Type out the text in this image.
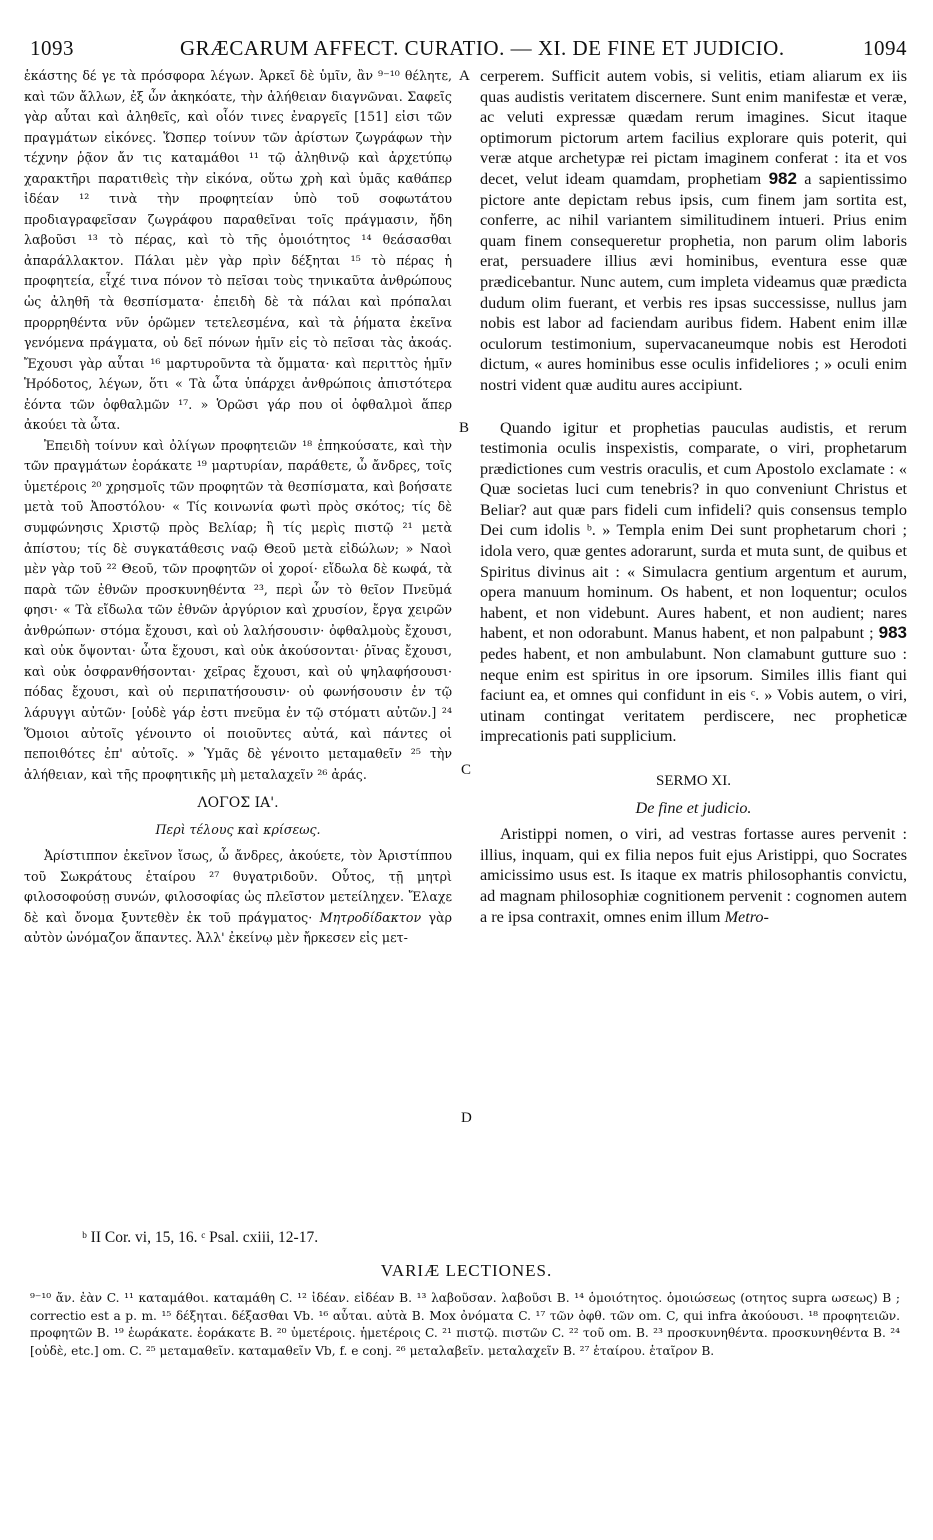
1093	GRÆCARUM AFFECT. CURATIO. — XI. DE FINE ET JUDICIO.	1094
A
B
C
D

ἑκάστης δέ γε τὰ πρόσφορα λέγων. Ἀρκεῖ δὲ ὑμῖν, ἂν ⁹⁻¹⁰ θέλητε, καὶ τῶν ἄλλων, ἐξ ὧν ἀκηκόατε, τὴν ἀλήθειαν διαγνῶναι. Σαφεῖς γὰρ αὗται καὶ ἀληθεῖς, καὶ οἷόν τινες ἐναργεῖς [151] εἰσι τῶν πραγμάτων εἰκόνες. Ὥσπερ τοίνυν τῶν ἀρίστων ζωγράφων τὴν τέχνην ῥᾷον ἄν τις καταμάθοι ¹¹ τῷ ἀληθινῷ καὶ ἀρχετύπῳ χαρακτῆρι παρατιθεὶς τὴν εἰκόνα, οὕτω χρὴ καὶ ὑμᾶς καθάπερ ἰδέαν ¹² τινὰ τὴν προφητείαν ὑπὸ τοῦ σοφωτάτου προδιαγραφεῖσαν ζωγράφου παραθεῖναι τοῖς πράγμασιν, ἤδη λαβοῦσι ¹³ τὸ πέρας, καὶ τὸ τῆς ὁμοιότητος ¹⁴ θεάσασθαι ἀπαράλλακτον. Πάλαι μὲν γὰρ πρὶν δέξηται ¹⁵ τὸ πέρας ἡ προφητεία, εἶχέ τινα πόνον τὸ πεῖσαι τοὺς τηνικαῦτα ἀνθρώπους ὡς ἀληθῆ τὰ θεσπίσματα· ἐπειδὴ δὲ τὰ πάλαι καὶ πρόπαλαι προρρηθέντα νῦν ὁρῶμεν τετελεσμένα, καὶ τὰ ῥήματα ἐκεῖνα γενόμενα πράγματα, οὐ δεῖ πόνων ἡμῖν εἰς τὸ πεῖσαι τὰς ἀκοάς. Ἔχουσι γὰρ αὗται ¹⁶ μαρτυροῦντα τὰ ὄμματα· καὶ περιττὸς ἡμῖν Ἡρόδοτος, λέγων, ὅτι « Τὰ ὦτα ὑπάρχει ἀνθρώποις ἀπιστότερα ἐόντα τῶν ὀφθαλμῶν ¹⁷. » Ὁρῶσι γάρ που οἱ ὀφθαλμοὶ ἅπερ ἀκούει τὰ ὦτα.

Ἐπειδὴ τοίνυν καὶ ὀλίγων προφητειῶν ¹⁸ ἐπηκούσατε, καὶ τὴν τῶν πραγμάτων ἑοράκατε ¹⁹ μαρτυρίαν, παράθετε, ὦ ἄνδρες, τοῖς ὑμετέροις ²⁰ χρησμοῖς τῶν προφητῶν τὰ θεσπίσματα, καὶ βοήσατε μετὰ τοῦ Ἀποστόλου· « Τίς κοινωνία φωτὶ πρὸς σκότος; τίς δὲ συμφώνησις Χριστῷ πρὸς Βελίαρ; ἢ τίς μερὶς πιστῷ ²¹ μετὰ ἀπίστου; τίς δὲ συγκατάθεσις ναῷ Θεοῦ μετὰ εἰδώλων; » Ναοὶ μὲν γὰρ τοῦ ²² Θεοῦ, τῶν προφητῶν οἱ χοροί· εἴδωλα δὲ κωφά, τὰ παρὰ τῶν ἐθνῶν προσκυνηθέντα ²³, περὶ ὧν τὸ θεῖον Πνεῦμά φησι· « Τὰ εἴδωλα τῶν ἐθνῶν ἀργύριον καὶ χρυσίον, ἔργα χειρῶν ἀνθρώπων· στόμα ἔχουσι, καὶ οὐ λαλήσουσιν· ὀφθαλμοὺς ἔχουσι, καὶ οὐκ ὄψονται· ὦτα ἔχουσι, καὶ οὐκ ἀκούσονται· ῥῖνας ἔχουσι, καὶ οὐκ ὀσφρανθήσονται· χεῖρας ἔχουσι, καὶ οὐ ψηλαφήσουσι· πόδας ἔχουσι, καὶ οὐ περιπατήσουσιν· οὐ φωνήσουσιν ἐν τῷ λάρυγγι αὐτῶν· [οὐδὲ γάρ ἐστι πνεῦμα ἐν τῷ στόματι αὐτῶν.] ²⁴ Ὅμοιοι αὐτοῖς γένοιντο οἱ ποιοῦντες αὐτά, καὶ πάντες οἱ πεποιθότες ἐπ' αὐτοῖς. » Ὑμᾶς δὲ γένοιτο μεταμαθεῖν ²⁵ τὴν ἀλήθειαν, καὶ τῆς προφητικῆς μὴ μεταλαχεῖν ²⁶ ἀράς.

ΛΟΓΟΣ ΙΑ'.
Περὶ τέλους καὶ κρίσεως.

Ἀρίστιππον ἐκεῖνον ἴσως, ὦ ἄνδρες, ἀκούετε, τὸν Ἀριστίππου τοῦ Σωκράτους ἑταίρου ²⁷ θυγατριδοῦν. Οὗτος, τῇ μητρὶ φιλοσοφούσῃ συνών, φιλοσοφίας ὡς πλεῖστον μετείληχεν. Ἔλαχε δὲ καὶ ὄνομα ξυντεθὲν ἐκ τοῦ πράγματος· Μητροδίδακτον γὰρ αὐτὸν ὠνόμαζον ἅπαντες. Ἀλλ' ἐκείνῳ μὲν ἤρκεσεν εἰς μετ-

cerperem. Sufficit autem vobis, si velitis, etiam aliarum ex iis quas audistis veritatem discernere. Sunt enim manifestæ et veræ, ac veluti expressæ quædam rerum imagines. Sicut itaque optimorum pictorum artem facilius explorare quis poterit, qui veræ atque archetypæ rei pictam imaginem conferat : ita et vos decet, velut ideam quamdam, prophetiam 982 a sapientissimo pictore ante depictam rebus ipsis, cum finem jam sortita est, conferre, ac nihil variantem similitudinem intueri. Prius enim quam finem consequeretur prophetia, non parum olim laboris erat, persuadere illius ævi hominibus, eventura esse quæ prædicebantur. Nunc autem, cum impleta videamus quæ prædicta dudum olim fuerant, et verbis res ipsas successisse, nullus jam nobis est labor ad faciendam auribus fidem. Habent enim illæ oculorum testimonium, supervacaneumque nobis est Herodoti dictum, « aures hominibus esse oculis infideliores ; » oculi enim nostri vident quæ auditu aures accipiunt.

Quando igitur et prophetias pauculas audistis, et rerum testimonia oculis inspexistis, comparate, o viri, prophetarum prædictiones cum vestris oraculis, et cum Apostolo exclamate : « Quæ societas luci cum tenebris? in quo conveniunt Christus et Beliar? aut quæ pars fideli cum infideli? quis consensus templo Dei cum idolis ᵇ. » Templa enim Dei sunt prophetarum chori ; idola vero, quæ gentes adorarunt, surda et muta sunt, de quibus et Spiritus divinus ait : « Simulacra gentium argentum et aurum, opera manuum hominum. Os habent, et non loquentur; oculos habent, et non videbunt. Aures habent, et non audient; nares habent, et non odorabunt. Manus habent, et non palpabunt ; 983 pedes habent, et non ambulabunt. Non clamabunt gutture suo : neque enim est spiritus in ore ipsorum. Similes illis fiant qui faciunt ea, et omnes qui confidunt in eis ᶜ. » Vobis autem, o viri, utinam contingat veritatem perdiscere, nec propheticæ imprecationis pati supplicium.

SERMO XI.
De fine et judicio.

Aristippi nomen, o viri, ad vestras fortasse aures pervenit : illius, inquam, qui ex filia nepos fuit ejus Aristippi, quo Socrates amicissimo usus est. Is itaque ex matris philosophantis convictu, ad magnam philosophiæ cognitionem pervenit : cognomen autem a re ipsa contraxit, omnes enim illum Metro-

ᵇ II Cor. vi, 15, 16. ᶜ Psal. cxiii, 12-17.
VARIÆ LECTIONES.
⁹⁻¹⁰ ἄν. ἐὰν C. ¹¹ καταμάθοι. καταμάθη C. ¹² ἰδέαν. εἰδέαν B. ¹³ λαβοῦσαν. λαβοῦσι B. ¹⁴ ὁμοιότητος. ὁμοιώσεως (οτητος supra ωσεως) B ; correctio est a p. m. ¹⁵ δέξηται. δέξασθαι Vb. ¹⁶ αὗται. αὐτὰ B. Mox ὀνόματα C. ¹⁷ τῶν ὀφθ. τῶν om. C, qui infra ἀκούουσι. ¹⁸ προφητειῶν. προφητῶν B. ¹⁹ ἑωράκατε. ἑοράκατε B. ²⁰ ὑμετέροις. ἡμετέροις C. ²¹ πιστῷ. πιστῶν C. ²² τοῦ om. B. ²³ προσκυνηθέντα. προσκυνηθέντα B. ²⁴ [οὐδὲ, etc.] om. C. ²⁵ μεταμαθεῖν. καταμαθεῖν Vb, f. e conj. ²⁶ μεταλαβεῖν. μεταλαχεῖν B. ²⁷ ἑταίρου. ἑταῖρον B.
